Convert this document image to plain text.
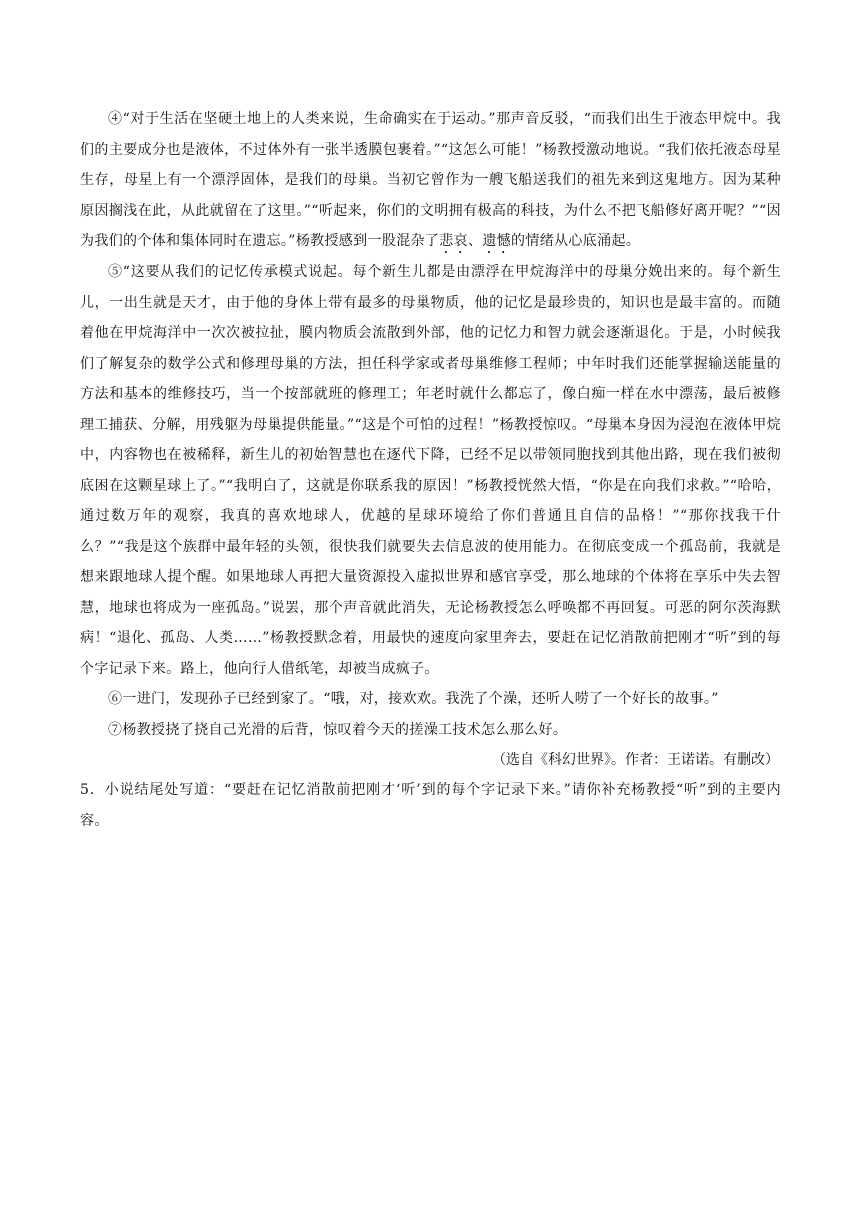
④“对于生活在坚硬土地上的人类来说，生命确实在于运动。”那声音反驳，“而我们出生于液态甲烷中。我们的主要成分也是液体，不过体外有一张半透膜包裹着。”“这怎么可能！”杨教授激动地说。“我们依托液态母星生存，母星上有一个漂浮固体，是我们的母巢。当初它曾作为一艘飞船送我们的祖先来到这鬼地方。因为某种原因搁浅在此，从此就留在了这里。”“听起来，你们的文明拥有极高的科技，为什么不把飞船修好离开呢？”“因为我们的个体和集体同时在遗忘。”杨教授感到一股混杂了悲哀、遗憾的情绪从心底涌起。

⑤“这要从我们的记忆传承模式说起。每个新生儿都是由漂浮在甲烷海洋中的母巢分娩出来的。每个新生儿，一出生就是天才，由于他的身体上带有最多的母巢物质，他的记忆是最珍贵的，知识也是最丰富的。而随着他在甲烷海洋中一次次被拉扯，膜内物质会流散到外部，他的记忆力和智力就会逐渐退化。于是，小时候我们了解复杂的数学公式和修理母巢的方法，担任科学家或者母巢维修工程师；中年时我们还能掌握输送能量的方法和基本的维修技巧，当一个按部就班的修理工；年老时就什么都忘了，像白痴一样在水中漂荡，最后被修理工捕获、分解，用残躯为母巢提供能量。”“这是个可怕的过程！”杨教授惊叹。“母巢本身因为浸泡在液体甲烷中，内容物也在被稀释，新生儿的初始智慧也在逐代下降，已经不足以带领同胞找到其他出路，现在我们被彻底困在这颗星球上了。”“我明白了，这就是你联系我的原因！”杨教授恍然大悟，“你是在向我们求救。”“哈哈，通过数万年的观察，我真的喜欢地球人，优越的星球环境给了你们普通且自信的品格！”“那你找我干什么？”“我是这个族群中最年轻的头领，很快我们就要失去信息波的使用能力。在彻底变成一个孤岛前，我就是想来跟地球人提个醒。如果地球人再把大量资源投入虚拟世界和感官享受，那么地球的个体将在享乐中失去智慧，地球也将成为一座孤岛。”说罢，那个声音就此消失，无论杨教授怎么呼唤都不再回复。可恶的阿尔茨海默病！“退化、孤岛、人类……”杨教授默念着，用最快的速度向家里奔去，要赶在记忆消散前把刚才“听”到的每个字记录下来。路上，他向行人借纸笔，却被当成疯子。

⑥一进门，发现孙子已经到家了。“哦，对，接欢欢。我洗了个澡，还听人唠了一个好长的故事。”

⑦杨教授挠了挠自己光滑的后背，惊叹着今天的搓澡工技术怎么那么好。

（选自《科幻世界》。作者：王诺诺。有删改）

5．小说结尾处写道：“要赶在记忆消散前把刚才‘听’到的每个字记录下来。”请你补充杨教授“听”到的主要内容。
